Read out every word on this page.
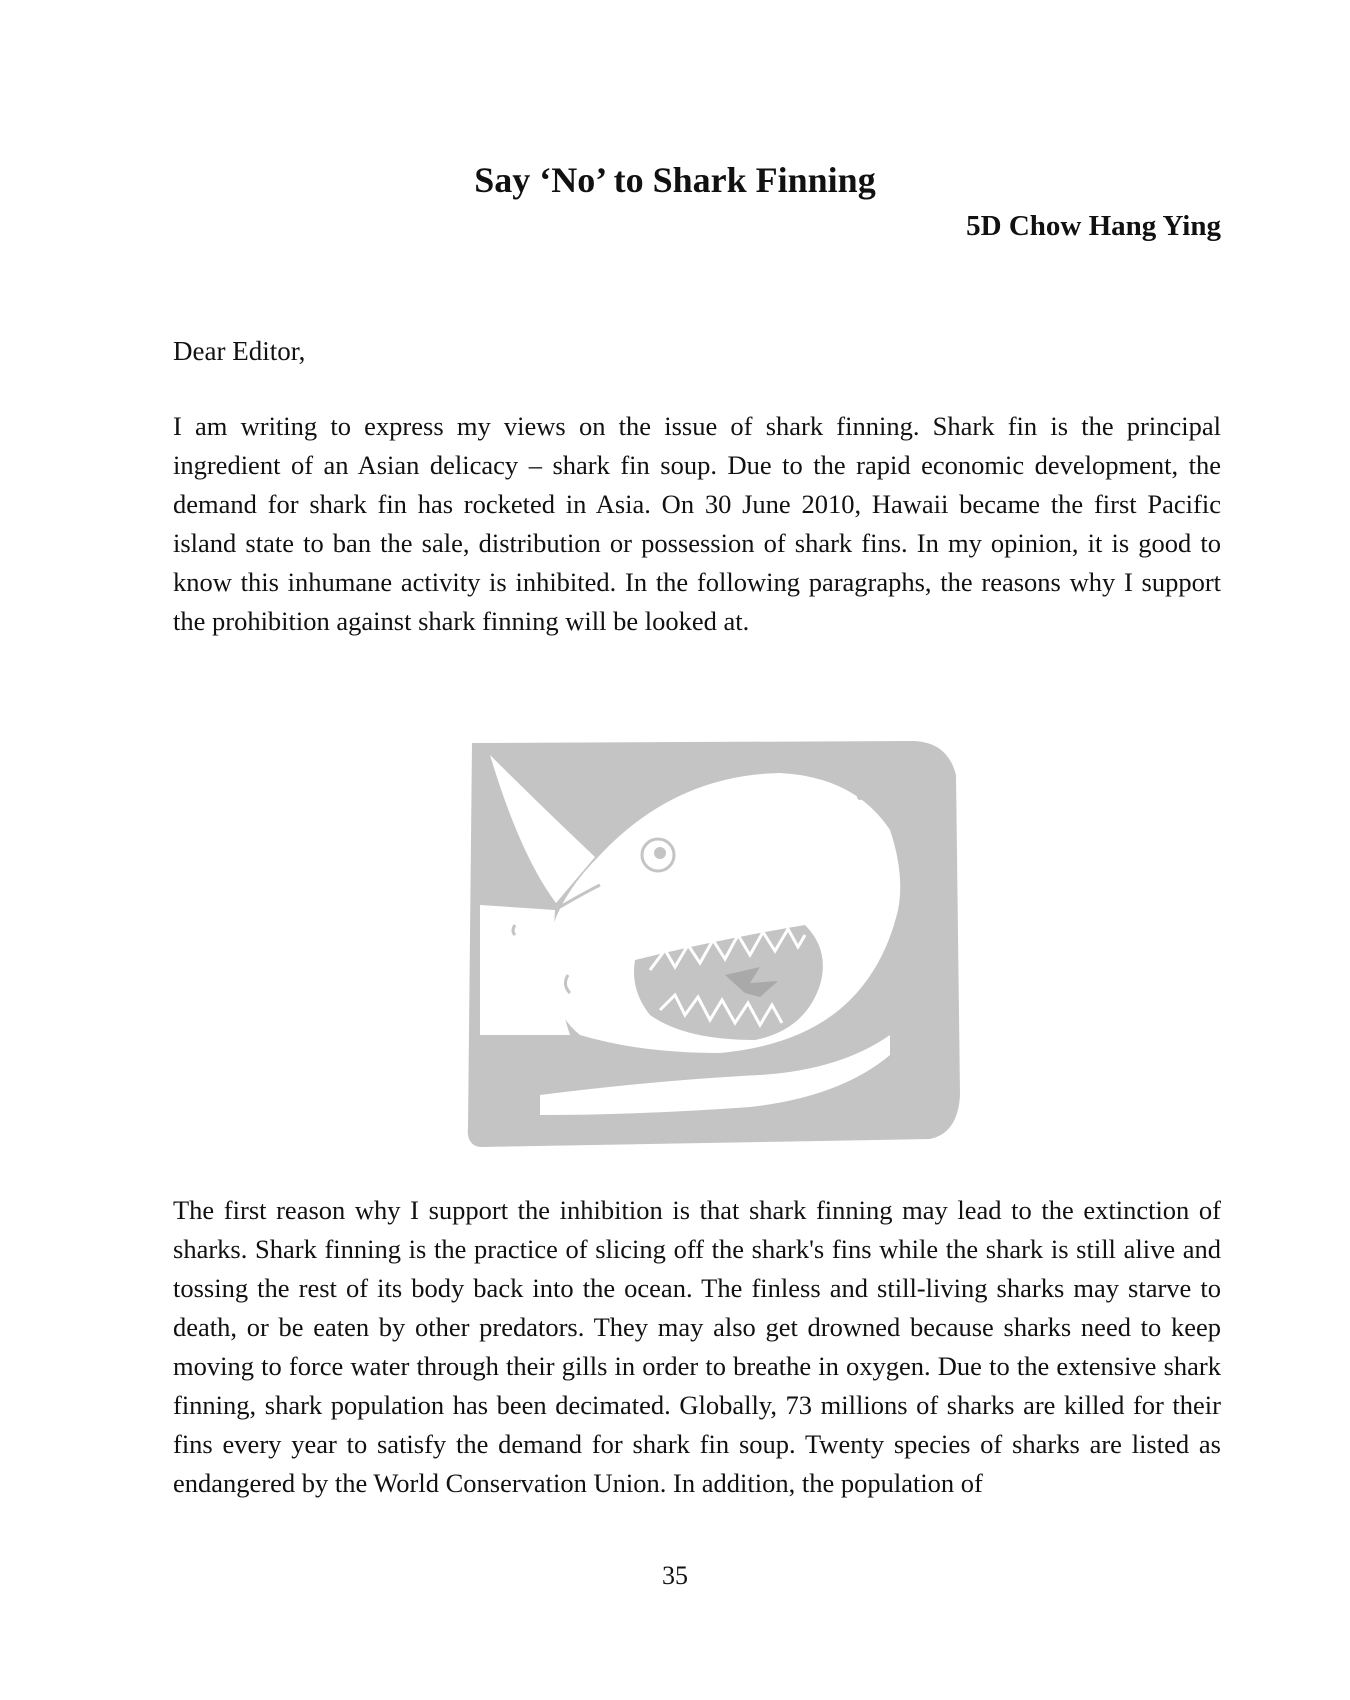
Say ‘No’ to Shark Finning

5D Chow Hang Ying

Dear Editor,

I am writing to express my views on the issue of shark finning. Shark fin is the principal ingredient of an Asian delicacy – shark fin soup. Due to the rapid economic development, the demand for shark fin has rocketed in Asia. On 30 June 2010, Hawaii became the first Pacific island state to ban the sale, distribution or possession of shark fins. In my opinion, it is good to know this inhumane activity is inhibited. In the following paragraphs, the reasons why I support the prohibition against shark finning will be looked at.

The first reason why I support the inhibition is that shark finning may lead to the extinction of sharks. Shark finning is the practice of slicing off the shark's fins while the shark is still alive and tossing the rest of its body back into the ocean. The finless and still-living sharks may starve to death, or be eaten by other predators. They may also get drowned because sharks need to keep moving to force water through their gills in order to breathe in oxygen. Due to the extensive shark finning, shark population has been decimated. Globally, 73 millions of sharks are killed for their fins every year to satisfy the demand for shark fin soup. Twenty species of sharks are listed as endangered by the World Conservation Union. In addition, the population of

35
